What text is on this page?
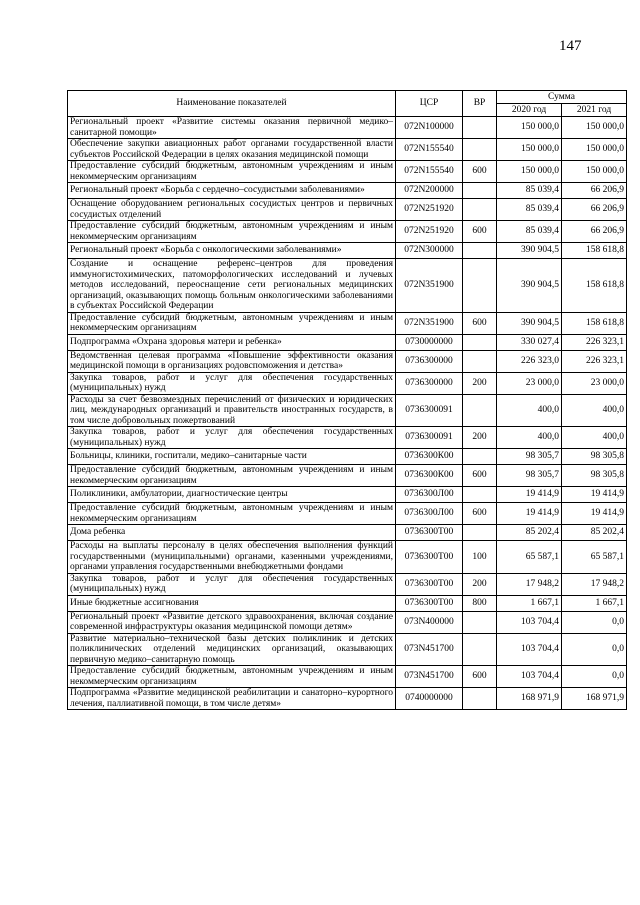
147
Наименование показателей	ЦСР	ВР	Сумма	
			2020 год	2021 год
Региональный проект «Развитие системы оказания первичной медико–санитарной помощи»	072N100000		150 000,0	150 000,0
Обеспечение закупки авиационных работ органами государственной власти субъектов Российской Федерации в целях оказания медицинской помощи	072N155540		150 000,0	150 000,0
Предоставление субсидий бюджетным, автономным учреждениям и иным некоммерческим организациям	072N155540	600	150 000,0	150 000,0
Региональный проект «Борьба с сердечно–сосудистыми заболеваниями»	072N200000		85 039,4	66 206,9
Оснащение оборудованием региональных сосудистых центров и первичных сосудистых отделений	072N251920		85 039,4	66 206,9
Предоставление субсидий бюджетным, автономным учреждениям и иным некоммерческим организациям	072N251920	600	85 039,4	66 206,9
Региональный проект «Борьба с онкологическими заболеваниями»	072N300000		390 904,5	158 618,8
Создание и оснащение референс–центров для проведения иммуногистохимических, патоморфологических исследований и лучевых методов исследований, переоснащение сети региональных медицинских организаций, оказывающих помощь больным онкологическими заболеваниями в субъектах Российской Федерации	072N351900		390 904,5	158 618,8
Предоставление субсидий бюджетным, автономным учреждениям и иным некоммерческим организациям	072N351900	600	390 904,5	158 618,8
Подпрограмма «Охрана здоровья матери и ребенка»	0730000000		330 027,4	226 323,1
Ведомственная целевая программа «Повышение эффективности оказания медицинской помощи в организациях родовспоможения и детства»	0736300000		226 323,0	226 323,1
Закупка товаров, работ и услуг для обеспечения государственных (муниципальных) нужд	0736300000	200	23 000,0	23 000,0
Расходы за счет безвозмездных перечислений от физических и юридических лиц, международных организаций и правительств иностранных государств, в том числе добровольных пожертвований	0736300091		400,0	400,0
Закупка товаров, работ и услуг для обеспечения государственных (муниципальных) нужд	0736300091	200	400,0	400,0
Больницы, клиники, госпитали, медико–санитарные части	0736300К00		98 305,7	98 305,8
Предоставление субсидий бюджетным, автономным учреждениям и иным некоммерческим организациям	0736300К00	600	98 305,7	98 305,8
Поликлиники, амбулатории, диагностические центры	0736300Л00		19 414,9	19 414,9
Предоставление субсидий бюджетным, автономным учреждениям и иным некоммерческим организациям	0736300Л00	600	19 414,9	19 414,9
Дома ребенка	0736300Т00		85 202,4	85 202,4
Расходы на выплаты персоналу в целях обеспечения выполнения функций государственными (муниципальными) органами, казенными учреждениями, органами управления государственными внебюджетными фондами	0736300Т00	100	65 587,1	65 587,1
Закупка товаров, работ и услуг для обеспечения государственных (муниципальных) нужд	0736300Т00	200	17 948,2	17 948,2
Иные бюджетные ассигнования	0736300Т00	800	1 667,1	1 667,1
Региональный проект «Развитие детского здравоохранения, включая создание современной инфраструктуры оказания медицинской помощи детям»	073N400000		103 704,4	0,0
Развитие материально–технической базы детских поликлиник и детских поликлинических отделений медицинских организаций, оказывающих первичную медико–санитарную помощь	073N451700		103 704,4	0,0
Предоставление субсидий бюджетным, автономным учреждениям и иным некоммерческим организациям	073N451700	600	103 704,4	0,0
Подпрограмма «Развитие медицинской реабилитации и санаторно–курортного лечения, паллиативной помощи, в том числе детям»	0740000000		168 971,9	168 971,9
